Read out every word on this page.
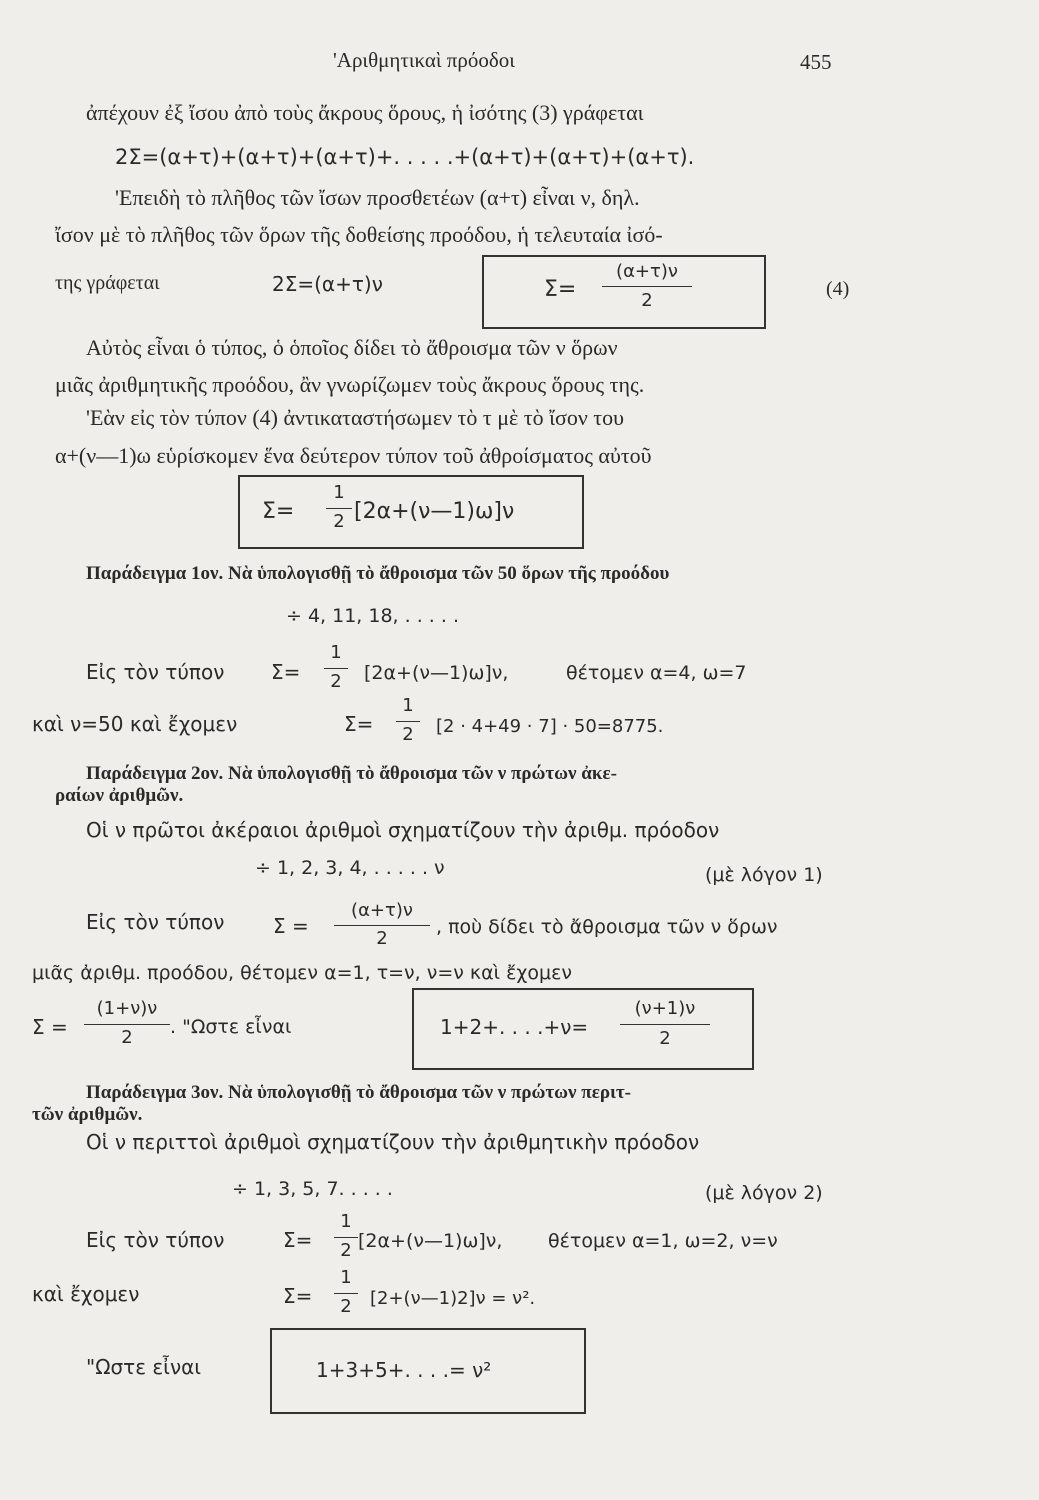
'Αριθμητικαὶ πρόοδοι	455
ἀπέχουν ἐξ ἴσου ἀπὸ τοὺς ἄκρους ὅρους, ἡ ἰσότης (3) γράφεται
2Σ=(α+τ)+(α+τ)+(α+τ)+. . . . .+(α+τ)+(α+τ)+(α+τ).
'Επειδὴ τὸ πλῆθος τῶν ἴσων προσθετέων (α+τ) εἶναι ν, δηλ.
ἴσον μὲ τὸ πλῆθος τῶν ὅρων τῆς δοθείσης προόδου, ἡ τελευταία ἰσό-
της γράφεται	2Σ=(α+τ)ν	Σ=
(α+τ)ν
2
(4)
Αὐτὸς εἶναι ὁ τύπος, ὁ ὁποῖος δίδει τὸ ἄθροισμα τῶν ν ὅρων
μιᾶς ἀριθμητικῆς προόδου, ἂν γνωρίζωμεν τοὺς ἄκρους ὅρους της.
'Εὰν εἰς τὸν τύπον (4) ἀντικαταστήσωμεν τὸ τ μὲ τὸ ἴσον του
α+(ν—1)ω εὑρίσκομεν ἕνα δεύτερον τύπον τοῦ ἀθροίσματος αὐτοῦ
Σ=
1
2 [2α+(ν—1)ω]ν
Παράδειγμα 1ον. Νὰ ὑπολογισθῇ τὸ ἄθροισμα τῶν 50 ὅρων τῆς προόδου
÷ 4, 11, 18, . . . . .
Εἰς τὸν τύπον Σ=
1
2 [2α+(ν—1)ω]ν,	θέτομεν α=4, ω=7
καὶ ν=50 καὶ ἔχομεν	Σ=
1
2 [2 · 4+49 · 7] · 50=8775.
Παράδειγμα 2ον. Νὰ ὑπολογισθῇ τὸ ἄθροισμα τῶν ν πρώτων ἀκε-
ραίων ἀριθμῶν.
Οἱ ν πρῶτοι ἀκέραιοι ἀριθμοὶ σχηματίζουν τὴν ἀριθμ. πρόοδον
÷ 1, 2, 3, 4, . . . . . ν	(μὲ λόγον 1)
Εἰς τὸν τύπον Σ =
(α+τ)ν
2
, ποὺ δίδει τὸ ἄθροισμα τῶν ν ὅρων
μιᾶς ἀριθμ. προόδου, θέτομεν α=1, τ=ν, ν=ν καὶ ἔχομεν
Σ =
(1+ν)ν
2	. "Ωστε εἶναι	1+2+. . . .+ν=
(ν+1)ν
2
Παράδειγμα 3ον. Νὰ ὑπολογισθῇ τὸ ἄθροισμα τῶν ν πρώτων περιτ-
τῶν ἀριθμῶν.
Οἱ ν περιττοὶ ἀριθμοὶ σχηματίζουν τὴν ἀριθμητικὴν πρόοδον
÷ 1, 3, 5, 7. . . . .	(μὲ λόγον 2)
Εἰς τὸν τύπον	Σ=
1
2 [2α+(ν—1)ω]ν, θέτομεν α=1, ω=2, ν=ν
καὶ ἔχομεν	Σ=
1
2 [2+(ν—1)2]ν = ν².
"Ωστε εἶναι	1+3+5+. . . .= ν²
